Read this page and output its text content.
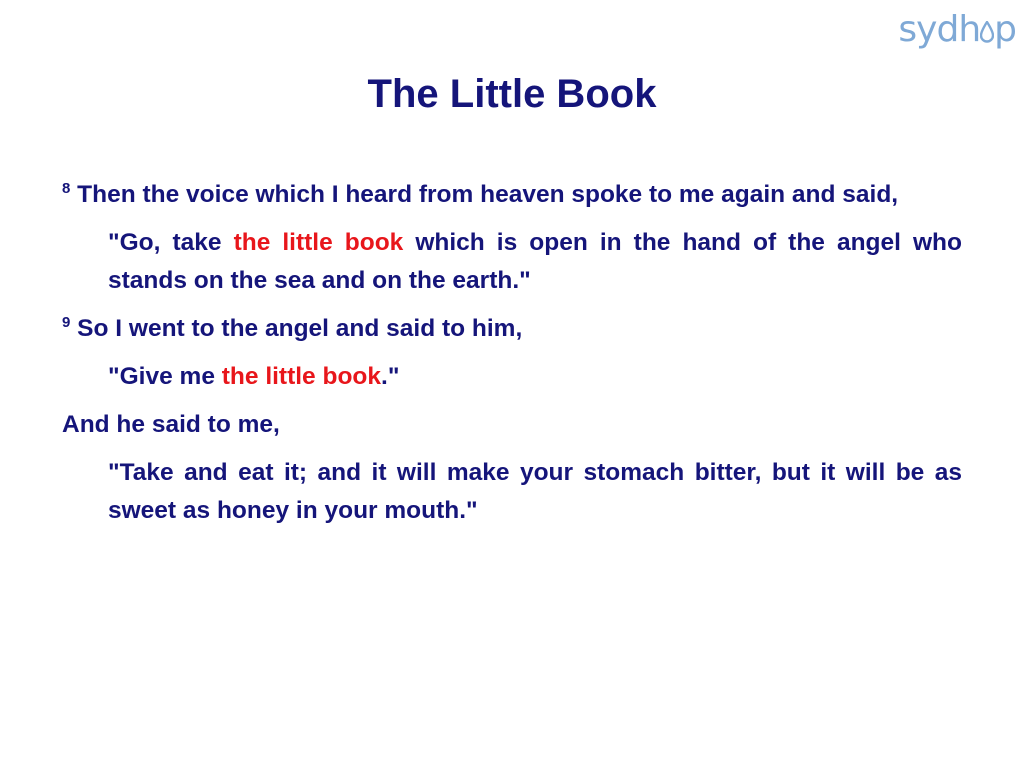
sydh p
The Little Book

$^8$ Then the voice which I heard from heaven spoke to me again and said,

"Go, take the little book which is open in the hand of the angel who stands on the sea and on the earth."

$^9$ So I went to the angel and said to him,

"Give me the little book."

And he said to me,

"Take and eat it; and it will make your stomach bitter, but it will be as sweet as honey in your mouth."
